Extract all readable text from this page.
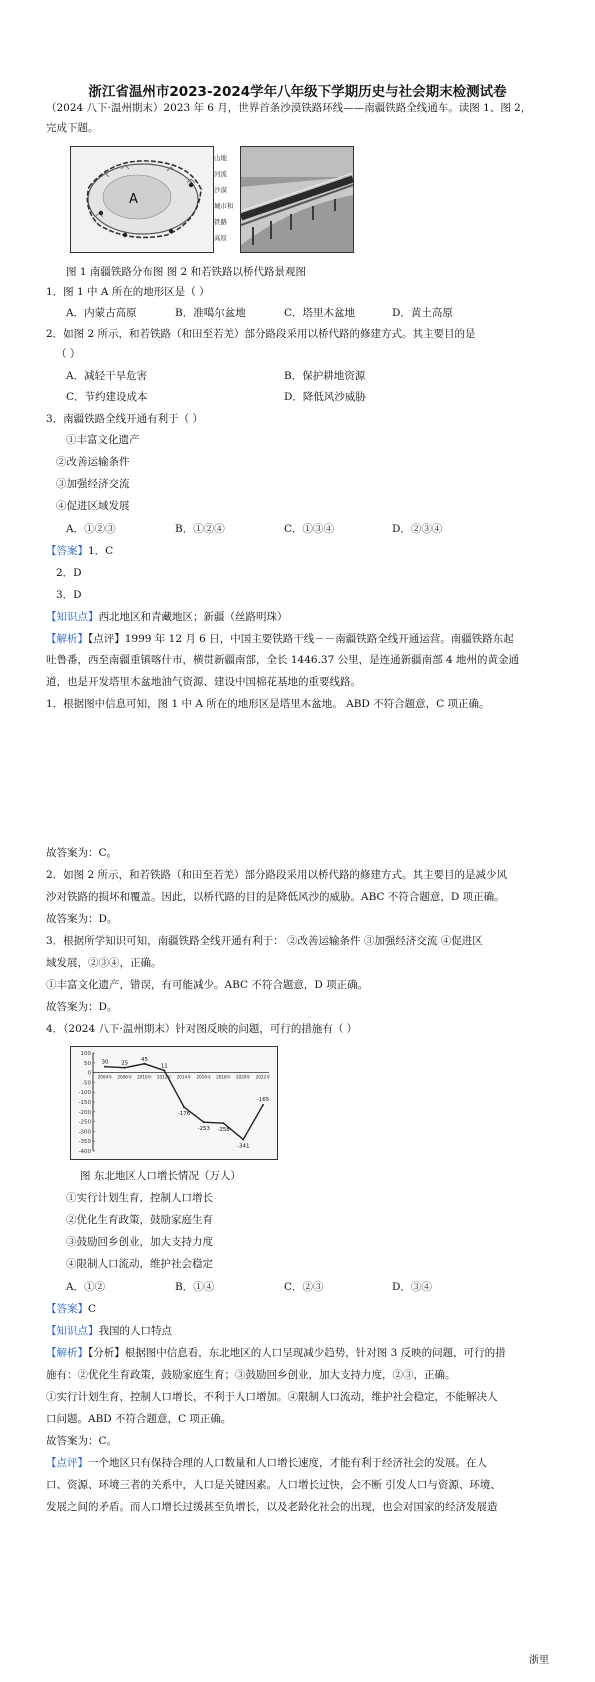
浙江省温州市2023-2024学年八年级下学期历史与社会期末检测试卷
（2024 八下·温州期末）2023 年 6 月，世界首条沙漠铁路环线——南疆铁路全线通车。读图 1、图 2，
完成下题。
A
山地
河流
沙漠
城市和铁路
高原
图 1 南疆铁路分布图 图 2 和若铁路以桥代路景观图
1．图 1 中 A 所在的地形区是（ ）
A．内蒙古高原	B．准噶尔盆地	C．塔里木盆地	D．黄土高原
2．如图 2 所示，和若铁路（和田至若羌）部分路段采用以桥代路的修建方式。其主要目的是
（ ）
A．减轻干旱危害	B．保护耕地资源
C．节约建设成本	D．降低风沙威胁
3．南疆铁路全线开通有利于（ ）
①丰富文化遗产
②改善运输条件
③加强经济交流
④促进区域发展
A．①②③	B．①②④	C．①③④	D．②③④
【答案】1．C
2．D
3．D
【知识点】西北地区和青藏地区；新疆（丝路明珠）
【解析】【点评】1999 年 12 月 6 日，中国主要铁路干线－－南疆铁路全线开通运营。南疆铁路东起
吐鲁番，西至南疆重镇喀什市，横贯新疆南部，全长 1446.37 公里，是连通新疆南部 4 地州的黄金通
道，也是开发塔里木盆地油气资源、建设中国棉花基地的重要线路。
1．根据图中信息可知，图 1 中 A 所在的地形区是塔里木盆地。 ABD 不符合题意，C 项正确。
故答案为：C。
2．如图 2 所示，和若铁路（和田至若羌）部分路段采用以桥代路的修建方式。其主要目的是减少风
沙对铁路的损坏和覆盖。因此，以桥代路的目的是降低风沙的威胁。ABC 不符合题意，D 项正确。
故答案为：D。
3．根据所学知识可知，南疆铁路全线开通有利于： ②改善运输条件 ③加强经济交流 ④促进区
域发展，②③④，正确。
①丰富文化遗产，错误，有可能减少。ABC 不符合题意，D 项正确。
故答案为：D。
4．（2024 八下·温州期末）针对图反映的问题，可行的措施有（ ）
100
50
0
-50
-100
-150
-200
-250
-300
-350
-400
2004年 2006年 2010年 2012年 2014年 2016年 2018年 2020年 2022年
30 25
45
11
-176
-253 -258
-341
-165
图 东北地区人口增长情况（万人）
①实行计划生育，控制人口增长
②优化生育政策，鼓励家庭生育
③鼓励回乡创业，加大支持力度
④限制人口流动，维护社会稳定
A．①②	B．①④	C．②③	D．③④
【答案】C
【知识点】我国的人口特点
【解析】【分析】根据图中信息看，东北地区的人口呈现减少趋势，针对图 3 反映的问题，可行的措
施有：②优化生育政策，鼓励家庭生育；③鼓励回乡创业，加大支持力度，②③，正确。
①实行计划生育，控制人口增长，不利于人口增加。④限制人口流动，维护社会稳定，不能解决人
口问题。ABD 不符合题意，C 项正确。
故答案为：C。
【点评】一个地区只有保持合理的人口数量和人口增长速度，才能有利于经济社会的发展。在人
口、资源、环境三者的关系中，人口是关键因素。人口增长过快，会不断 引发人口与资源、环境、
发展之间的矛盾。而人口增长过缓甚至负增长，以及老龄化社会的出现，也会对国家的经济发展造
浙里
